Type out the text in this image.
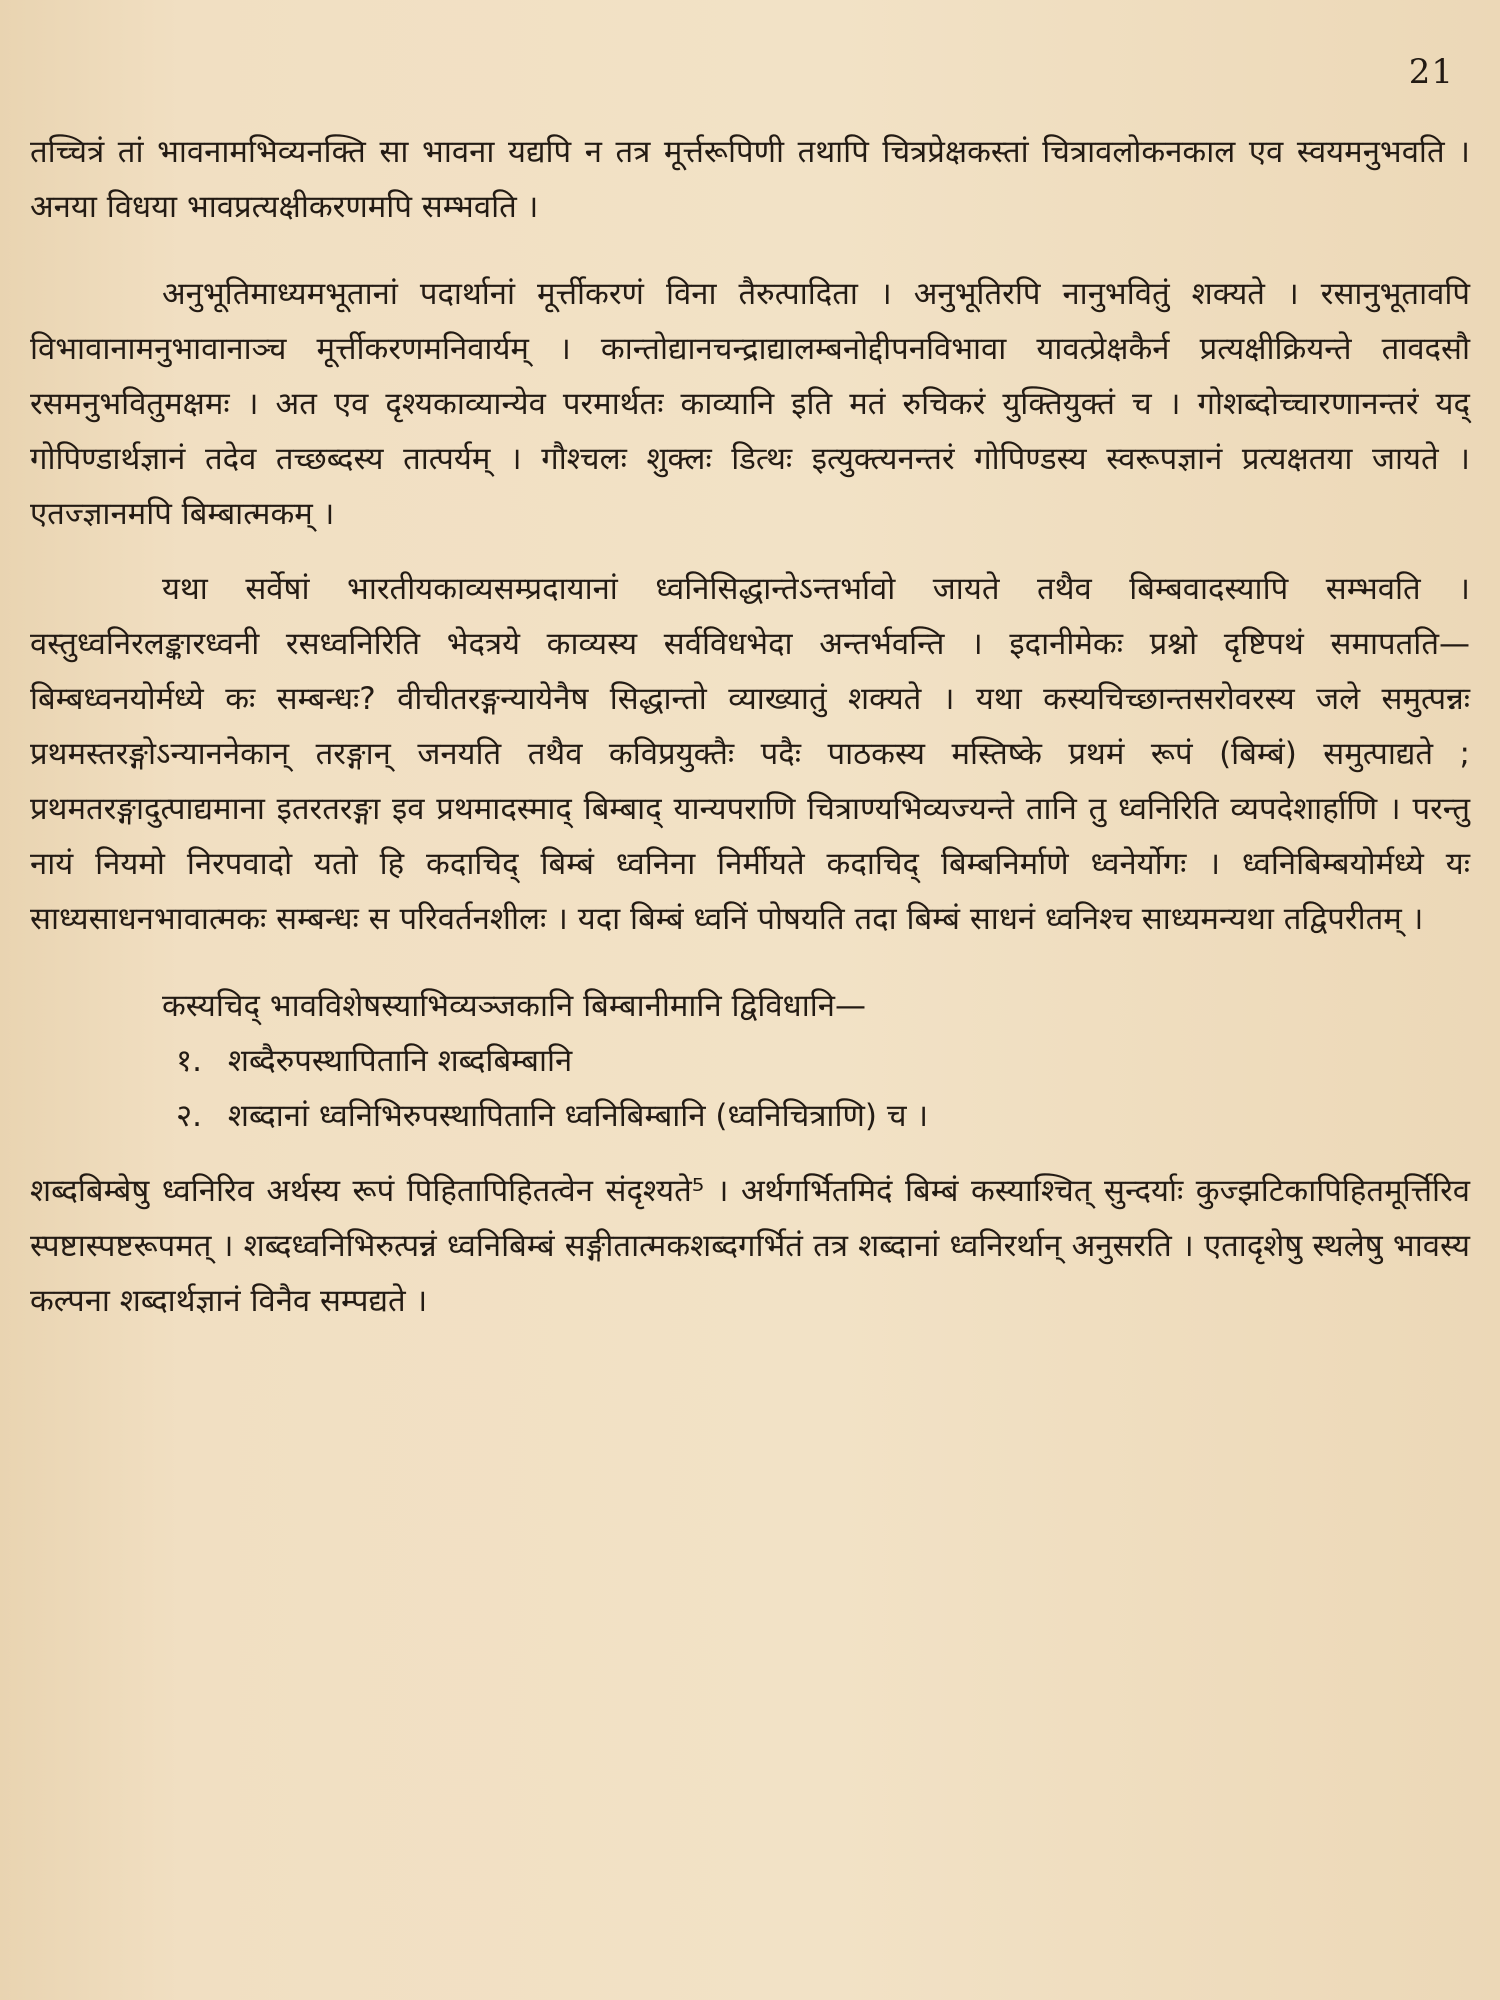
21

तच्चित्रं तां भावनामभिव्यनक्ति सा भावना यद्यपि न तत्र मूर्त्तरूपिणी तथापि चित्रप्रेक्षकस्तां चित्रावलोकनकाल एव स्वयमनुभवति । अनया विधया भावप्रत्यक्षीकरणमपि सम्भवति ।

अनुभूतिमाध्यमभूतानां पदार्थानां मूर्त्तीकरणं विना तैरुत्पादिता । अनुभूतिरपि नानुभवितुं शक्यते । रसानुभूतावपि विभावानामनुभावानाञ्च मूर्त्तीकरणमनिवार्यम् । कान्तोद्यानचन्द्राद्यालम्बनोद्दीपनविभावा यावत्प्रेक्षकैर्न प्रत्यक्षीक्रियन्ते तावदसौ रसमनुभवितुमक्षमः । अत एव दृश्यकाव्यान्येव परमार्थतः काव्यानि इति मतं रुचिकरं युक्तियुक्तं च । गोशब्दोच्चारणानन्तरं यद् गोपिण्डार्थज्ञानं तदेव तच्छब्दस्य तात्पर्यम् । गौश्चलः शुक्लः डित्थः इत्युक्त्यनन्तरं गोपिण्डस्य स्वरूपज्ञानं प्रत्यक्षतया जायते । एतज्ज्ञानमपि बिम्बात्मकम् ।

यथा सर्वेषां भारतीयकाव्यसम्प्रदायानां ध्वनिसिद्धान्तेऽन्तर्भावो जायते तथैव बिम्बवादस्यापि सम्भवति । वस्तुध्वनिरलङ्कारध्वनी रसध्वनिरिति भेदत्रये काव्यस्य सर्वविधभेदा अन्तर्भवन्ति । इदानीमेकः प्रश्नो दृष्टिपथं समापतति—बिम्बध्वनयोर्मध्ये कः सम्बन्धः? वीचीतरङ्गन्यायेनैष सिद्धान्तो व्याख्यातुं शक्यते । यथा कस्यचिच्छान्तसरोवरस्य जले समुत्पन्नः प्रथमस्तरङ्गोऽन्याननेकान् तरङ्गान् जनयति तथैव कविप्रयुक्तैः पदैः पाठकस्य मस्तिष्के प्रथमं रूपं (बिम्बं) समुत्पाद्यते ; प्रथमतरङ्गादुत्पाद्यमाना इतरतरङ्गा इव प्रथमादस्माद् बिम्बाद् यान्यपराणि चित्राण्यभिव्यज्यन्ते तानि तु ध्वनिरिति व्यपदेशार्हाणि । परन्तु नायं नियमो निरपवादो यतो हि कदाचिद् बिम्बं ध्वनिना निर्मीयते कदाचिद् बिम्बनिर्माणे ध्वनेर्योगः । ध्वनिबिम्बयोर्मध्ये यः साध्यसाधनभावात्मकः सम्बन्धः स परिवर्तनशीलः । यदा बिम्बं ध्वनिं पोषयति तदा बिम्बं साधनं ध्वनिश्च साध्यमन्यथा तद्विपरीतम् ।

कस्यचिद् भावविशेषस्याभिव्यञ्जकानि बिम्बानीमानि द्विविधानि—

१. शब्दैरुपस्थापितानि शब्दबिम्बानि
२. शब्दानां ध्वनिभिरुपस्थापितानि ध्वनिबिम्बानि (ध्वनिचित्राणि) च ।

शब्दबिम्बेषु ध्वनिरिव अर्थस्य रूपं पिहितापिहितत्वेन संदृश्यते⁵ । अर्थगर्भितमिदं बिम्बं कस्याश्चित् सुन्दर्याः कुज्झटिकापिहितमूर्त्तिरिव स्पष्टास्पष्टरूपमत् । शब्दध्वनिभिरुत्पन्नं ध्वनिबिम्बं सङ्गीतात्मकशब्दगर्भितं तत्र शब्दानां ध्वनिरर्थान् अनुसरति । एतादृशेषु स्थलेषु भावस्य कल्पना शब्दार्थज्ञानं विनैव सम्पद्यते ।
